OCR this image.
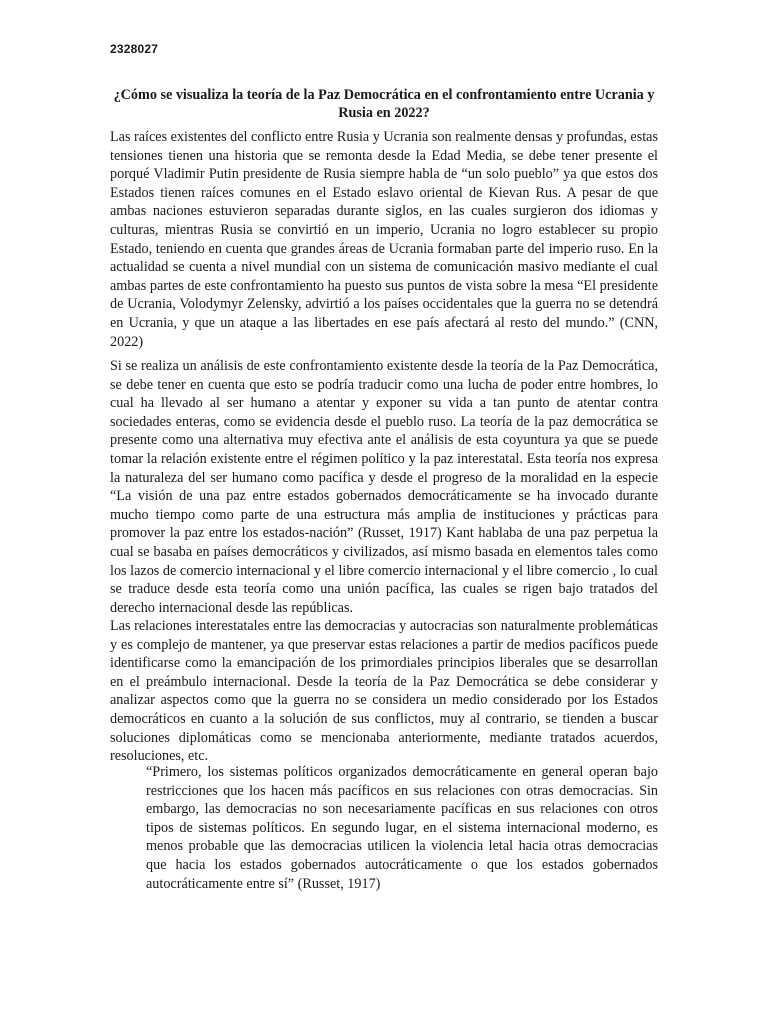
2328027
¿Cómo se visualiza la teoría de la Paz Democrática en el confrontamiento entre Ucrania y Rusia en 2022?

Las raíces existentes del conflicto entre Rusia y Ucrania son realmente densas y profundas, estas tensiones tienen una historia que se remonta desde la Edad Media, se debe tener presente el porqué Vladimir Putin presidente de Rusia siempre habla de “un solo pueblo” ya que estos dos Estados tienen raíces comunes en el Estado eslavo oriental de Kievan Rus. A pesar de que ambas naciones estuvieron separadas durante siglos, en las cuales surgieron dos idiomas y culturas, mientras Rusia se convirtió en un imperio, Ucrania no logro establecer su propio Estado, teniendo en cuenta que grandes áreas de Ucrania formaban parte del imperio ruso. En la actualidad se cuenta a nivel mundial con un sistema de comunicación masivo mediante el cual ambas partes de este confrontamiento ha puesto sus puntos de vista sobre la mesa “El presidente de Ucrania, Volodymyr Zelensky, advirtió a los países occidentales que la guerra no se detendrá en Ucrania, y que un ataque a las libertades en ese país afectará al resto del mundo.” (CNN, 2022)

Si se realiza un análisis de este confrontamiento existente desde la teoría de la Paz Democrática, se debe tener en cuenta que esto se podría traducir como una lucha de poder entre hombres, lo cual ha llevado al ser humano a atentar y exponer su vida a tan punto de atentar contra sociedades enteras, como se evidencia desde el pueblo ruso. La teoría de la paz democrática se presente como una alternativa muy efectiva ante el análisis de esta coyuntura ya que se puede tomar la relación existente entre el régimen político y la paz interestatal. Esta teoría nos expresa la naturaleza del ser humano como pacífica y desde el progreso de la moralidad en la especie “La visión de una paz entre estados gobernados democráticamente se ha invocado durante mucho tiempo como parte de una estructura más amplia de instituciones y prácticas para promover la paz entre los estados-nación” (Russet, 1917) Kant hablaba de una paz perpetua la cual se basaba en países democráticos y civilizados, así mismo basada en elementos tales como los lazos de comercio internacional y el libre comercio internacional y el libre comercio , lo cual se traduce desde esta teoría como una unión pacífica, las cuales se rigen bajo tratados del derecho internacional desde las repúblicas.

Las relaciones interestatales entre las democracias y autocracias son naturalmente problemáticas y es complejo de mantener, ya que preservar estas relaciones a partir de medios pacíficos puede identificarse como la emancipación de los primordiales principios liberales que se desarrollan en el preámbulo internacional. Desde la teoría de la Paz Democrática se debe considerar y analizar aspectos como que la guerra no se considera un medio considerado por los Estados democráticos en cuanto a la solución de sus conflictos, muy al contrario, se tienden a buscar soluciones diplomáticas como se mencionaba anteriormente, mediante tratados acuerdos, resoluciones, etc.

“Primero, los sistemas políticos organizados democráticamente en general operan bajo restricciones que los hacen más pacíficos en sus relaciones con otras democracias. Sin embargo, las democracias no son necesariamente pacíficas en sus relaciones con otros tipos de sistemas políticos. En segundo lugar, en el sistema internacional moderno, es menos probable que las democracias utilicen la violencia letal hacia otras democracias que hacia los estados gobernados autocráticamente o que los estados gobernados autocráticamente entre sí” (Russet, 1917)
